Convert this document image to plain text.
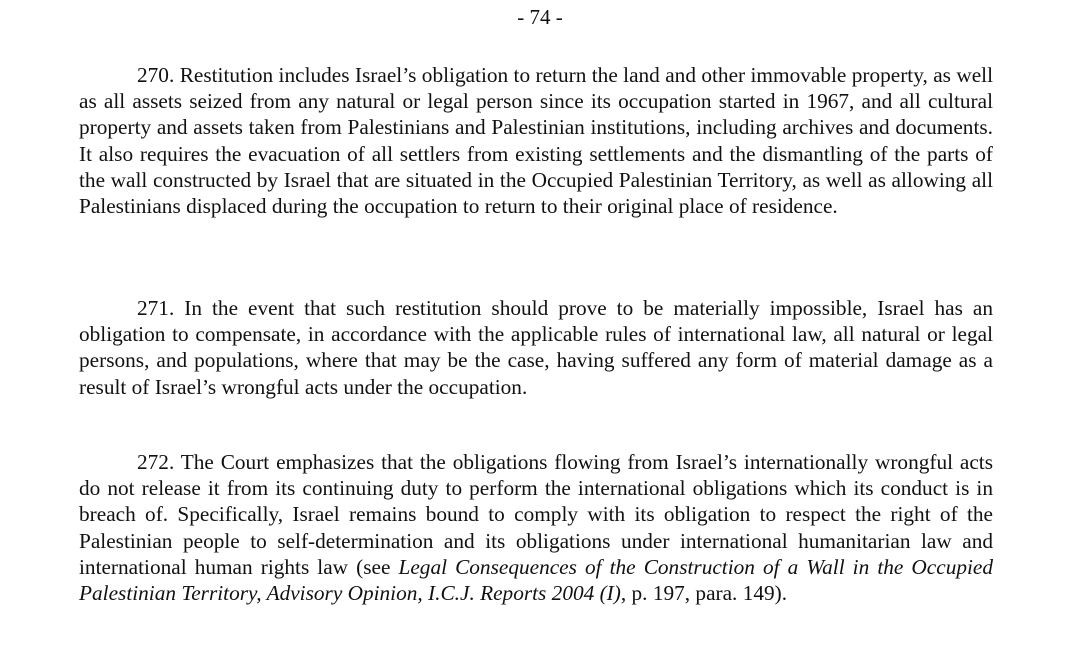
- 74 -

270. Restitution includes Israel’s obligation to return the land and other immovable property, as well as all assets seized from any natural or legal person since its occupation started in 1967, and all cultural property and assets taken from Palestinians and Palestinian institutions, including archives and documents. It also requires the evacuation of all settlers from existing settlements and the dismantling of the parts of the wall constructed by Israel that are situated in the Occupied Palestinian Territory, as well as allowing all Palestinians displaced during the occupation to return to their original place of residence.

271. In the event that such restitution should prove to be materially impossible, Israel has an obligation to compensate, in accordance with the applicable rules of international law, all natural or legal persons, and populations, where that may be the case, having suffered any form of material damage as a result of Israel’s wrongful acts under the occupation.

272. The Court emphasizes that the obligations flowing from Israel’s internationally wrongful acts do not release it from its continuing duty to perform the international obligations which its conduct is in breach of. Specifically, Israel remains bound to comply with its obligation to respect the right of the Palestinian people to self-determination and its obligations under international humanitarian law and international human rights law (see Legal Consequences of the Construction of a Wall in the Occupied Palestinian Territory, Advisory Opinion, I.C.J. Reports 2004 (I), p. 197, para. 149).
